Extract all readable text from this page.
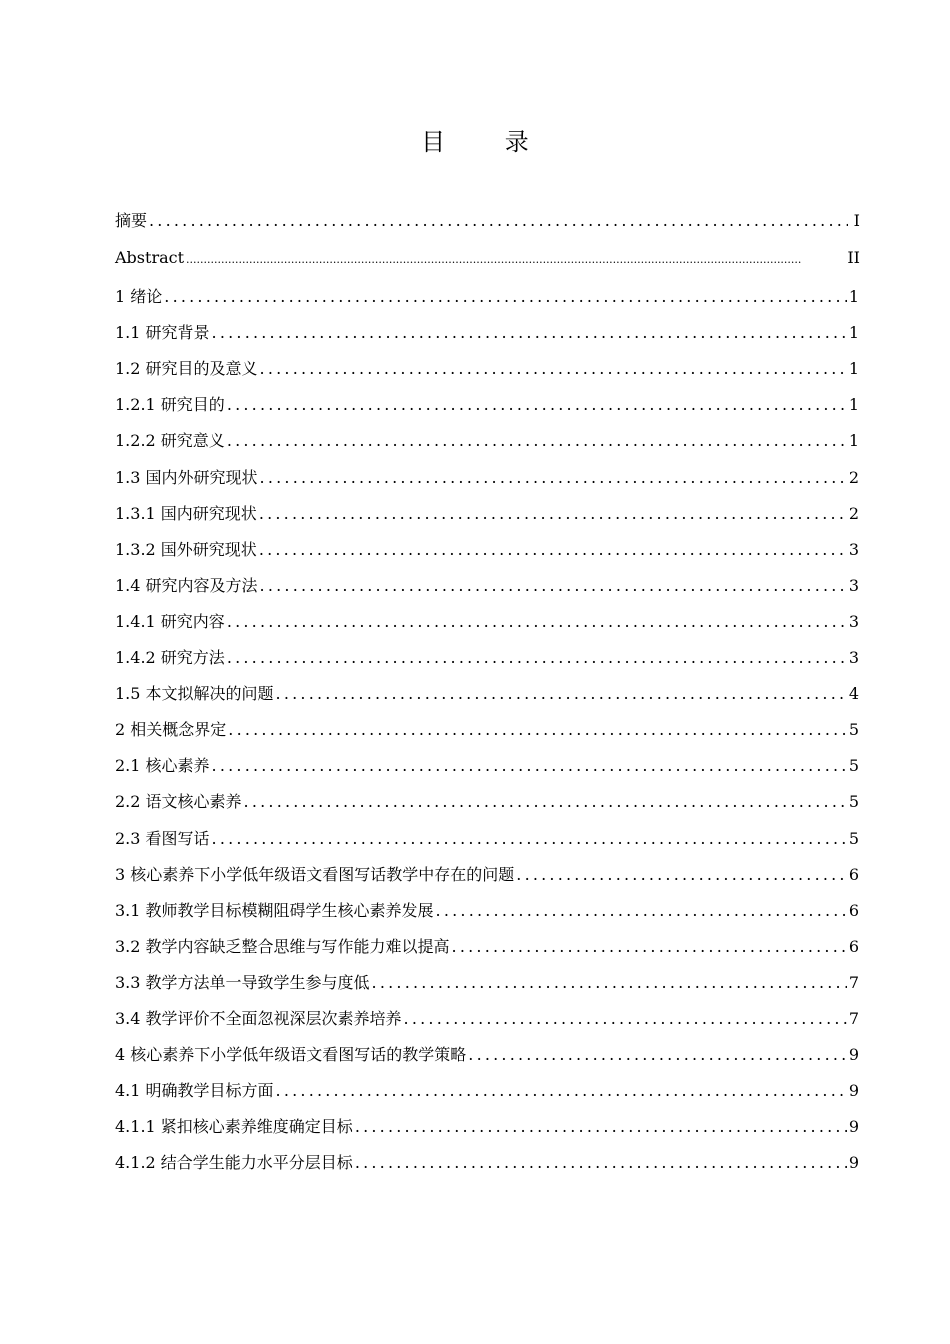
目 录
摘要 .....	I
Abstract .....	II
1 绪论 .....	1
1.1 研究背景 .....	1
1.2 研究目的及意义 .....	1
1.2.1 研究目的 .....	1
1.2.2 研究意义 .....	1
1.3 国内外研究现状 .....	2
1.3.1 国内研究现状 .....	2
1.3.2 国外研究现状 .....	3
1.4 研究内容及方法 .....	3
1.4.1 研究内容 .....	3
1.4.2 研究方法 .....	3
1.5 本文拟解决的问题 .....	4
2 相关概念界定 .....	5
2.1 核心素养 .....	5
2.2 语文核心素养 .....	5
2.3 看图写话 .....	5
3 核心素养下小学低年级语文看图写话教学中存在的问题 .....	6
3.1 教师教学目标模糊阻碍学生核心素养发展 .....	6
3.2 教学内容缺乏整合思维与写作能力难以提高 .....	6
3.3 教学方法单一导致学生参与度低 .....	7
3.4 教学评价不全面忽视深层次素养培养 .....	7
4 核心素养下小学低年级语文看图写话的教学策略 .....	9
4.1 明确教学目标方面 .....	9
4.1.1 紧扣核心素养维度确定目标 .....	9
4.1.2 结合学生能力水平分层目标 .....	9
